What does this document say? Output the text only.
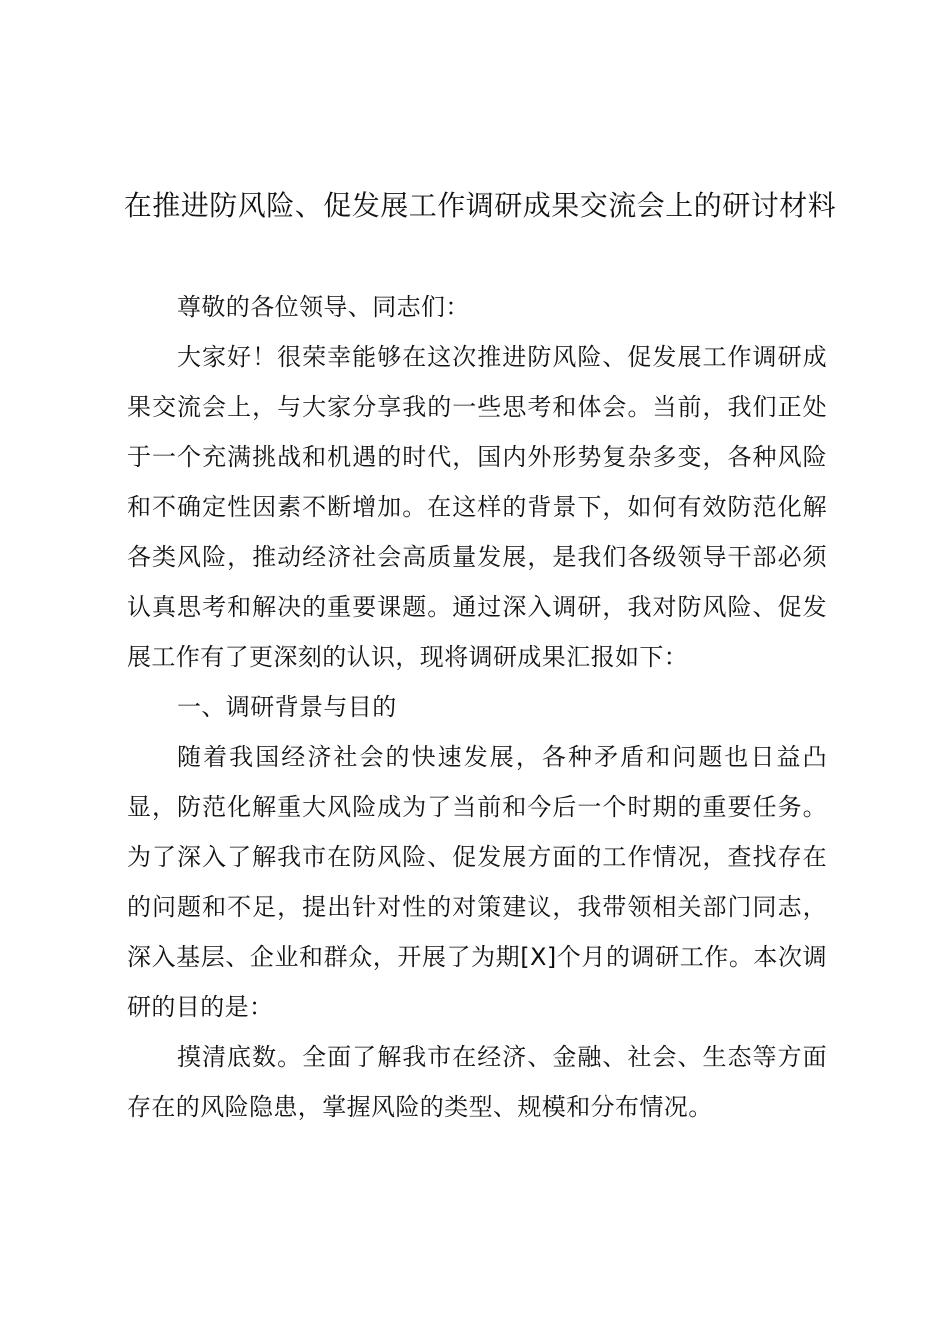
在推进防风险、促发展工作调研成果交流会上的研讨材料

尊敬的各位领导、同志们：

大家好！很荣幸能够在这次推进防风险、促发展工作调研成果交流会上，与大家分享我的一些思考和体会。当前，我们正处于一个充满挑战和机遇的时代，国内外形势复杂多变，各种风险和不确定性因素不断增加。在这样的背景下，如何有效防范化解各类风险，推动经济社会高质量发展，是我们各级领导干部必须认真思考和解决的重要课题。通过深入调研，我对防风险、促发展工作有了更深刻的认识，现将调研成果汇报如下：

一、调研背景与目的

随着我国经济社会的快速发展，各种矛盾和问题也日益凸显，防范化解重大风险成为了当前和今后一个时期的重要任务。为了深入了解我市在防风险、促发展方面的工作情况，查找存在的问题和不足，提出针对性的对策建议，我带领相关部门同志，深入基层、企业和群众，开展了为期[X]个月的调研工作。本次调研的目的是：

摸清底数。全面了解我市在经济、金融、社会、生态等方面存在的风险隐患，掌握风险的类型、规模和分布情况。
